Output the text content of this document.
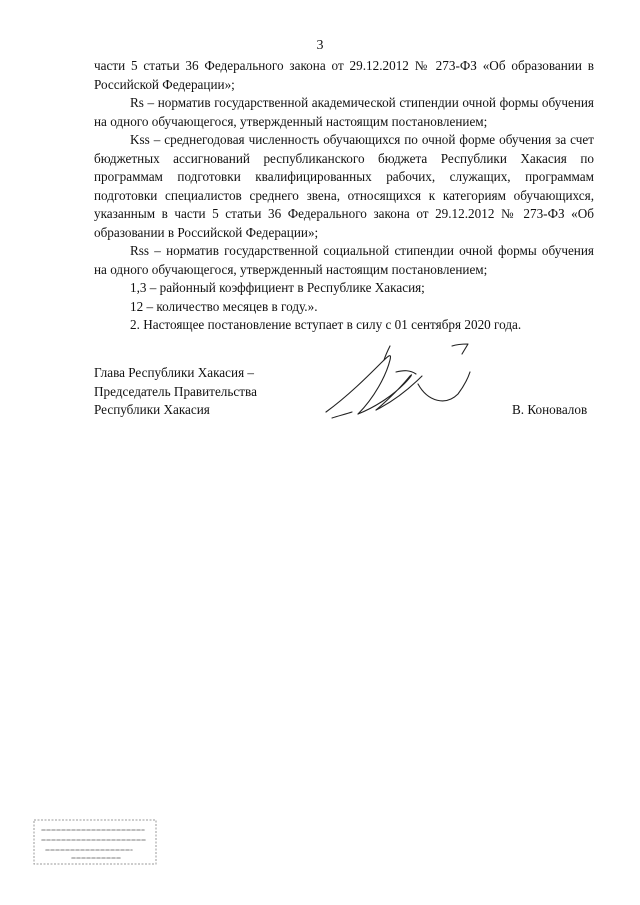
3

части 5 статьи 36 Федерального закона от 29.12.2012 № 273-ФЗ «Об образовании в Российской Федерации»;

Rs – норматив государственной академической стипендии очной формы обучения на одного обучающегося, утвержденный настоящим постановлением;

Kss – среднегодовая численность обучающихся по очной форме обучения за счет бюджетных ассигнований республиканского бюджета Республики Хакасия по программам подготовки квалифицированных рабочих, служащих, программам подготовки специалистов среднего звена, относящихся к категориям обучающихся, указанным в части 5 статьи 36 Федерального закона от 29.12.2012 № 273-ФЗ «Об образовании в Российской Федерации»;

Rss – норматив государственной социальной стипендии очной формы обучения на одного обучающегося, утвержденный настоящим постановлением;

1,3 – районный коэффициент в Республике Хакасия;

12 – количество месяцев в году.».

2. Настоящее постановление вступает в силу с 01 сентября 2020 года.

Глава Республики Хакасия –
Председатель Правительства
Республики Хакасия	В. Коновалов
